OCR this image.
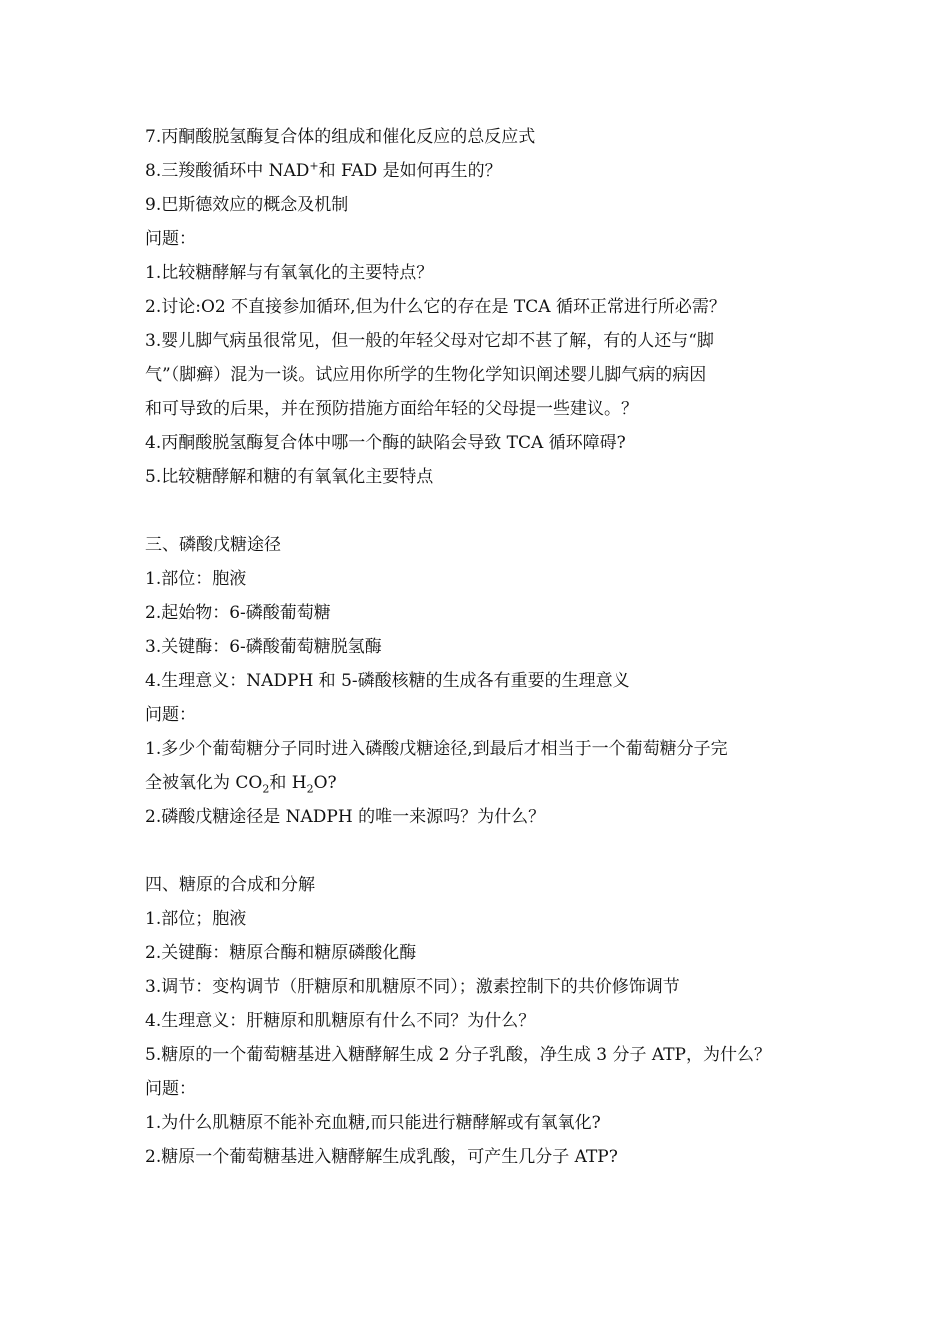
7.丙酮酸脱氢酶复合体的组成和催化反应的总反应式
8.三羧酸循环中 NAD+和 FAD 是如何再生的？
9.巴斯德效应的概念及机制
问题：
1.比较糖酵解与有氧氧化的主要特点？
2.讨论:O2 不直接参加循环,但为什么它的存在是 TCA 循环正常进行所必需？
3.婴儿脚气病虽很常见，但一般的年轻父母对它却不甚了解，有的人还与“脚
气”（脚癣）混为一谈。试应用你所学的生物化学知识阐述婴儿脚气病的病因
和可导致的后果，并在预防措施方面给年轻的父母提一些建议。？
4.丙酮酸脱氢酶复合体中哪一个酶的缺陷会导致 TCA 循环障碍?
5.比较糖酵解和糖的有氧氧化主要特点
三、磷酸戊糖途径
1.部位：胞液
2.起始物：6-磷酸葡萄糖
3.关键酶：6-磷酸葡萄糖脱氢酶
4.生理意义：NADPH 和 5-磷酸核糖的生成各有重要的生理意义
问题：
1.多少个葡萄糖分子同时进入磷酸戊糖途径,到最后才相当于一个葡萄糖分子完
全被氧化为 $CO_2$和 $H_2O$?
2.磷酸戊糖途径是 NADPH 的唯一来源吗？为什么？
四、糖原的合成和分解
1.部位；胞液
2.关键酶：糖原合酶和糖原磷酸化酶
3.调节：变构调节（肝糖原和肌糖原不同）；激素控制下的共价修饰调节
4.生理意义：肝糖原和肌糖原有什么不同？为什么？
5.糖原的一个葡萄糖基进入糖酵解生成 2 分子乳酸，净生成 3 分子 ATP，为什么？
问题：
1.为什么肌糖原不能补充血糖,而只能进行糖酵解或有氧氧化?
2.糖原一个葡萄糖基进入糖酵解生成乳酸，可产生几分子 ATP?
